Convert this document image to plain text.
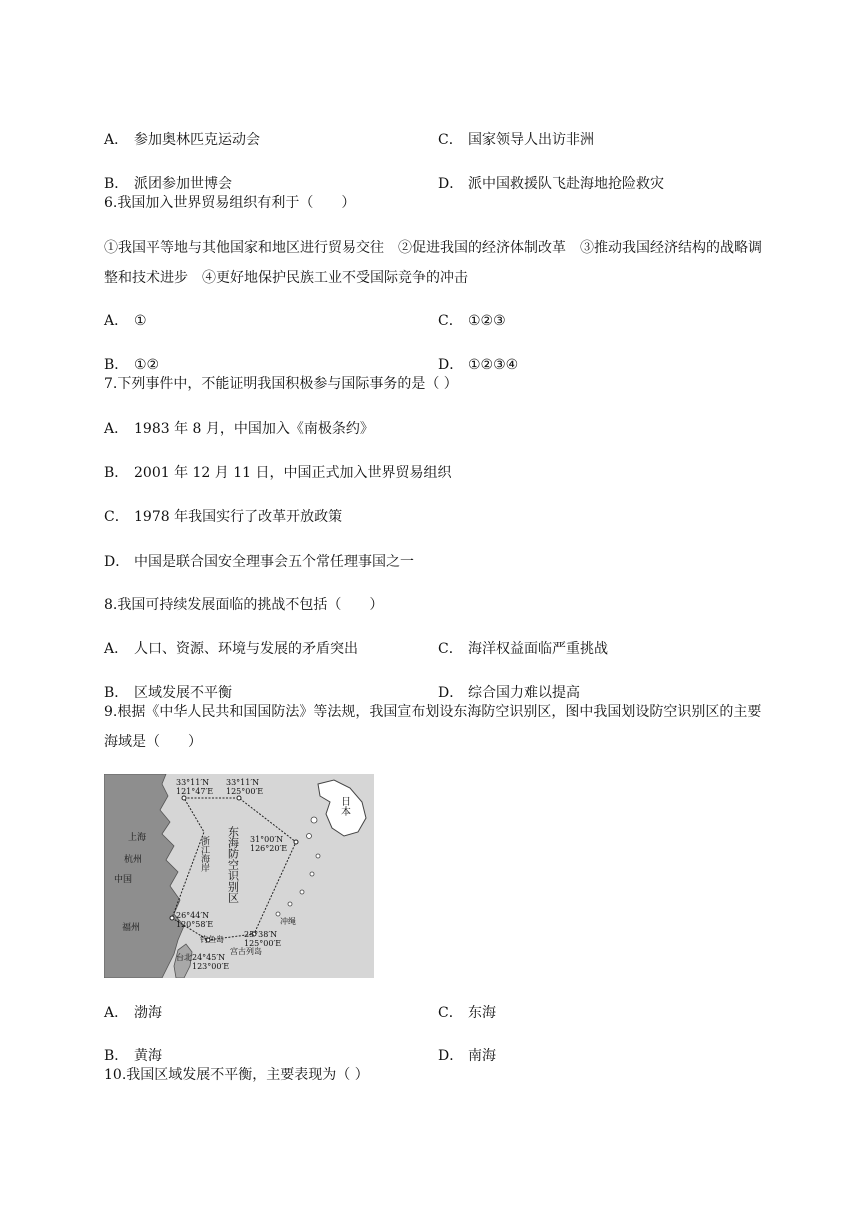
A． 参加奥林匹克运动会	C． 国家领导人出访非洲
B． 派团参加世博会	D． 派中国救援队飞赴海地抢险救灾
6.我国加入世界贸易组织有利于（　　）
①我国平等地与其他国家和地区进行贸易交往　②促进我国的经济体制改革　③推动我国经济结构的战略调整和技术进步　④更好地保护民族工业不受国际竞争的冲击
A． ①	C． ①②③
B． ①②	D． ①②③④
7.下列事件中，不能证明我国积极参与国际事务的是（ ）
A． 1983 年 8 月，中国加入《南极条约》
B． 2001 年 12 月 11 日，中国正式加入世界贸易组织
C． 1978 年我国实行了改革开放政策
D． 中国是联合国安全理事会五个常任理事国之一
8.我国可持续发展面临的挑战不包括（　　）
A． 人口、资源、环境与发展的矛盾突出	C． 海洋权益面临严重挑战
B． 区域发展不平衡	D． 综合国力难以提高
9.根据《中华人民共和国国防法》等法规，我国宣布划设东海防空识别区，图中我国划设防空识别区的主要海域是（　　）
33°11′N
121°47′E
33°11′N
125°00′E
31°00′N
126°20′E
26°44′N
120°58′E
25°38′N
125°00′E
24°45′N
123°00′E
上海
杭州
中国
福州
钓鱼岛
宫古列岛
冲绳
台北
浙江海岸 东海防空识别区
日本
A． 渤海	C． 东海
B． 黄海	D． 南海
10.我国区域发展不平衡，主要表现为（ ）
